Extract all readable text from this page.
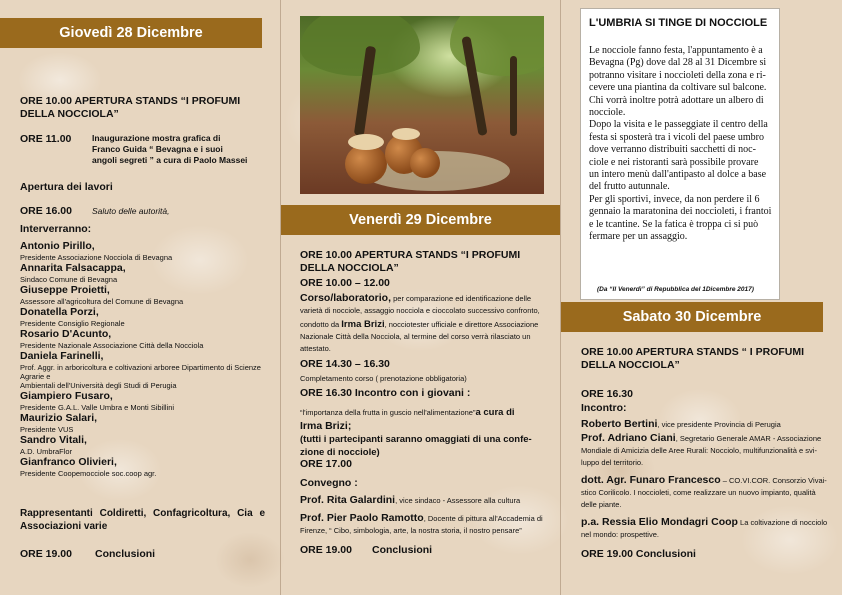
Giovedì 28 Dicembre
ORE 10.00 APERTURA STANDS “I PROFUMI
DELLA NOCCIOLA”
ORE 11.00 Inaugurazione mostra grafica di
Franco Guida “ Bevagna e i suoi
angoli segreti ” a cura di Paolo Massei
Apertura dei lavori
ORE 16.00 Saluto delle autorità,
Interverranno:
Antonio Pirillo,
Presidente Associazione Nocciola di Bevagna
Annarita Falsacappa,
Sindaco Comune di Bevagna
Giuseppe Proietti,
Assessore all'agricoltura del Comune di Bevagna
Donatella Porzi,
Presidente Consiglio Regionale
Rosario D'Acunto,
Presidente Nazionale Associazione Città della Nocciola
Daniela Farinelli,
Prof. Aggr. in arboricoltura e coltivazioni arboree Dipartimento di Scienze Agrarie e
Ambientali dell'Università degli Studi di Perugia
Giampiero Fusaro,
Presidente G.A.L. Valle Umbra e Monti Sibillini
Maurizio Salari,
Presidente VUS
Sandro Vitali,
A.D. UmbraFlor
Gianfranco Olivieri,
Presidente Coopemocciole soc.coop agr.
Rappresentanti Coldiretti, Confagricoltura, Cia e
Associazioni varie
ORE 19.00 Conclusioni
Venerdì 29 Dicembre
ORE 10.00 APERTURA STANDS “I PROFUMI
DELLA NOCCIOLA”
ORE 10.00 – 12.00
Corso/laboratorio, per comparazione ed identificazione delle
varietà di nocciole, assaggio nocciola e cioccolato successivo confronto,
condotto da Irma Brizi, nocciotester ufficiale e direttore Associazione
Nazionale Città della Nocciola, al termine del corso verrà rilasciato un
attestato.
ORE 14.30 – 16.30
Completamento corso ( prenotazione obbligatoria)
ORE 16.30 Incontro con i giovani :
“l'importanza della frutta in guscio nell'alimentazione”a cura di
Irma Brizi;
(tutti i partecipanti saranno omaggiati di una confe-
zione di nocciole)
ORE 17.00
Convegno :
Prof. Rita Galardini, vice sindaco - Assessore alla cultura
Prof. Pier Paolo Ramotto, Docente di pittura all'Accademia di
Firenze, “ Cibo, simbologia, arte, la nostra storia, il nostro pensare”
ORE 19.00 Conclusioni
L'UMBRIA SI TINGE DI NOCCIOLE
Le nocciole fanno festa, l'appuntamento è a
Bevagna (Pg) dove dal 28 al 31 Dicembre si
potranno visitare i noccioleti della zona e ri-
cevere una piantina da coltivare sul balcone.
Chi vorrà inoltre potrà adottare un albero di
nocciole.
Dopo la visita e le passeggiate il centro della
festa si sposterà tra i vicoli del paese umbro
dove verranno distribuiti sacchetti di noc-
ciole e nei ristoranti sarà possibile provare
un intero menù dall'antipasto al dolce a base
del frutto autunnale.
Per gli sportivi, invece, da non perdere il 6
gennaio la maratonina dei noccioleti, i frantoi
e le tcantine. Se la fatica è troppa ci si può
fermare per un assaggio.
(Da “Il Venerdì” di Repubblica del 1Dicembre 2017)
Sabato 30 Dicembre
ORE 10.00 APERTURA STANDS “ I PROFUMI
DELLA NOCCIOLA”
ORE 16.30
Incontro:
Roberto Bertini, vice presidente Provincia di Perugia
Prof. Adriano Ciani, Segretario Generale AMAR - Associazione
Mondiale di Amicizia delle Aree Rurali: Nocciolo, multifunzionalità e svi-
luppo del territorio.
dott. Agr. Funaro Francesco – CO.VI.COR. Consorzio Vivai-
stico Corilicolo. I noccioleti, come realizzare un nuovo impianto, qualità
delle piante.
p.a. Ressia Elio Mondagri Coop La coltivazione di nocciolo
nel mondo: prospettive.
ORE 19.00 Conclusioni
